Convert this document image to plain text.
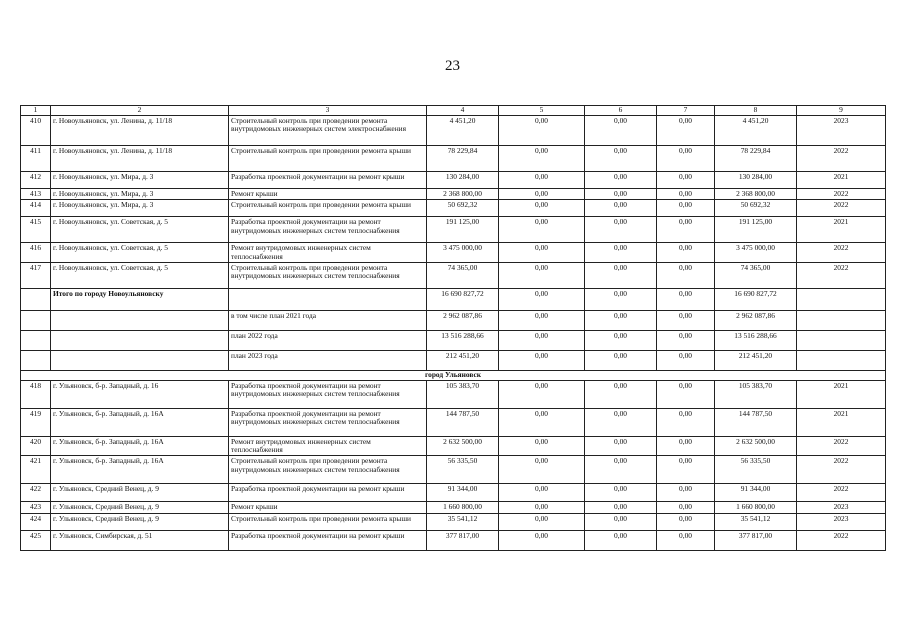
23
1	2	3	4	5	6	7	8	9
410	г. Новоульяновск, ул. Ленина, д. 11/18	Строительный контроль при проведении ремонта внутридомовых инженерных систем электроснабжения	4 451,20	0,00	0,00	0,00	4 451,20	2023
411	г. Новоульяновск, ул. Ленина, д. 11/18	Строительный контроль при проведении ремонта крыши	78 229,84	0,00	0,00	0,00	78 229,84	2022
412	г. Новоульяновск, ул. Мира, д. 3	Разработка проектной документации на ремонт крыши	130 284,00	0,00	0,00	0,00	130 284,00	2021
413	г. Новоульяновск, ул. Мира, д. 3	Ремонт крыши	2 368 800,00	0,00	0,00	0,00	2 368 800,00	2022
414	г. Новоульяновск, ул. Мира, д. 3	Строительный контроль при проведении ремонта крыши	50 692,32	0,00	0,00	0,00	50 692,32	2022
415	г. Новоульяновск, ул. Советская, д. 5	Разработка проектной документации на ремонт внутридомовых инженерных систем теплоснабжения	191 125,00	0,00	0,00	0,00	191 125,00	2021
416	г. Новоульяновск, ул. Советская, д. 5	Ремонт внутридомовых инженерных систем теплоснабжения	3 475 000,00	0,00	0,00	0,00	3 475 000,00	2022
417	г. Новоульяновск, ул. Советская, д. 5	Строительный контроль при проведении ремонта внутридомовых инженерных систем теплоснабжения	74 365,00	0,00	0,00	0,00	74 365,00	2022
	Итого по городу Новоульяновску		16 690 827,72	0,00	0,00	0,00	16 690 827,72	
		в том числе план 2021 года	2 962 087,86	0,00	0,00	0,00	2 962 087,86	
		план 2022 года	13 516 288,66	0,00	0,00	0,00	13 516 288,66	
		план 2023 года	212 451,20	0,00	0,00	0,00	212 451,20	
город Ульяновск								
418	г. Ульяновск, б-р. Западный, д. 16	Разработка проектной документации на ремонт внутридомовых инженерных систем теплоснабжения	105 383,70	0,00	0,00	0,00	105 383,70	2021
419	г. Ульяновск, б-р. Западный, д. 16А	Разработка проектной документации на ремонт внутридомовых инженерных систем теплоснабжения	144 787,50	0,00	0,00	0,00	144 787,50	2021
420	г. Ульяновск, б-р. Западный, д. 16А	Ремонт внутридомовых инженерных систем теплоснабжения	2 632 500,00	0,00	0,00	0,00	2 632 500,00	2022
421	г. Ульяновск, б-р. Западный, д. 16А	Строительный контроль при проведении ремонта внутридомовых инженерных систем теплоснабжения	56 335,50	0,00	0,00	0,00	56 335,50	2022
422	г. Ульяновск, Средний Венец, д. 9	Разработка проектной документации на ремонт крыши	91 344,00	0,00	0,00	0,00	91 344,00	2022
423	г. Ульяновск, Средний Венец, д. 9	Ремонт крыши	1 660 800,00	0,00	0,00	0,00	1 660 800,00	2023
424	г. Ульяновск, Средний Венец, д. 9	Строительный контроль при проведении ремонта крыши	35 541,12	0,00	0,00	0,00	35 541,12	2023
425	г. Ульяновск, Симбирская, д. 51	Разработка проектной документации на ремонт крыши	377 817,00	0,00	0,00	0,00	377 817,00	2022
